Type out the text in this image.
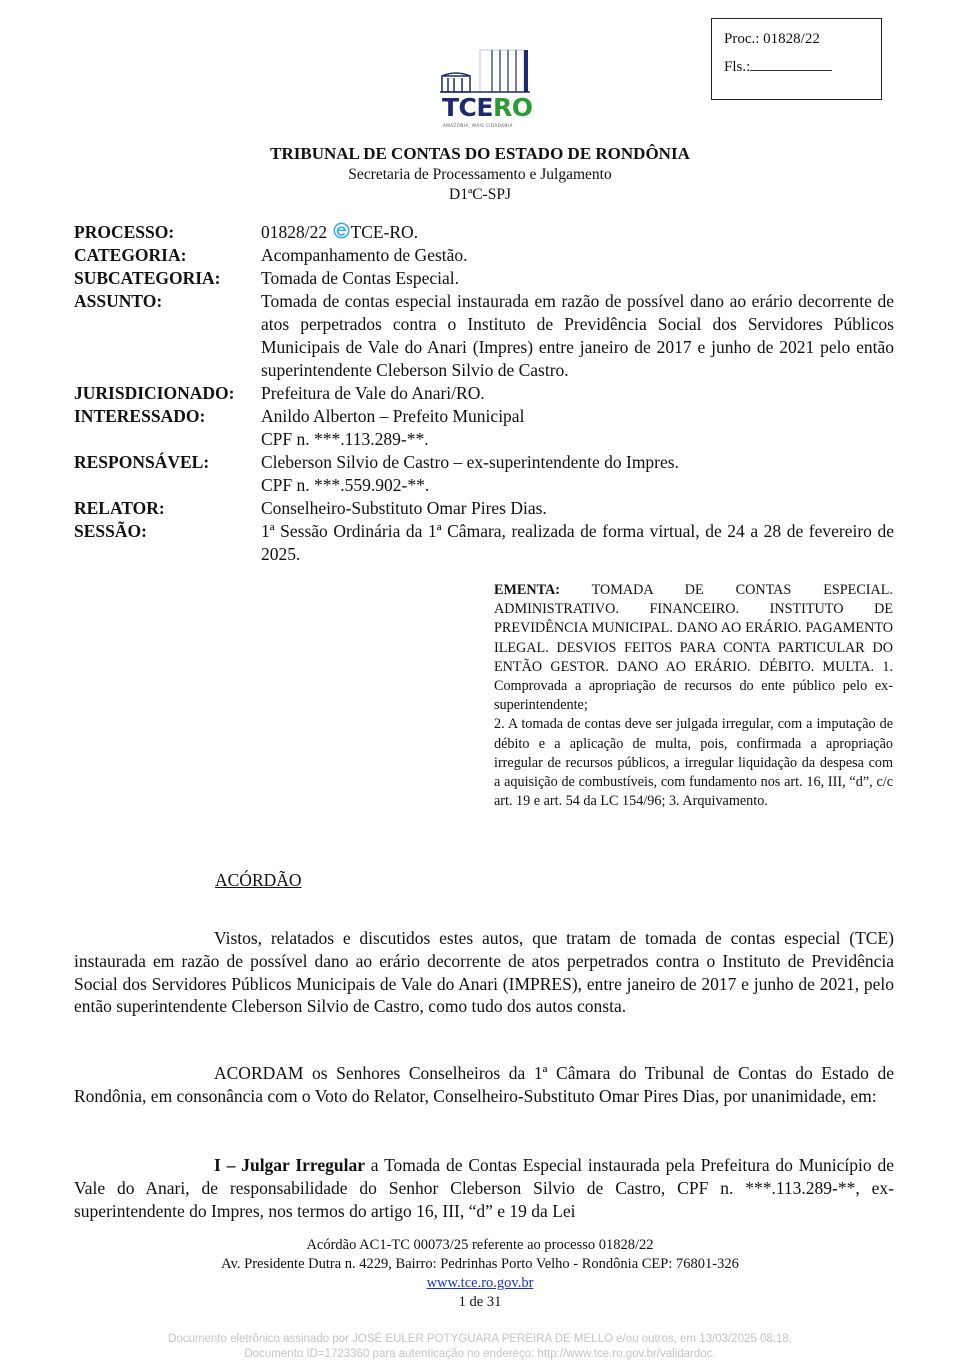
Proc.: 01828/22
Fls.:
TCERO
AMAZÔNIA, MAIS CIDADANIA
TRIBUNAL DE CONTAS DO ESTADO DE RONDÔNIA
Secretaria de Processamento e Julgamento
D1ªC-SPJ
PROCESSO:	01828/22 TCE-RO.
CATEGORIA:	Acompanhamento de Gestão.
SUBCATEGORIA:	Tomada de Contas Especial.
ASSUNTO:	Tomada de contas especial instaurada em razão de possível dano ao erário decorrente de atos perpetrados contra o Instituto de Previdência Social dos Servidores Públicos Municipais de Vale do Anari (Impres) entre janeiro de 2017 e junho de 2021 pelo então superintendente Cleberson Silvio de Castro.
JURISDICIONADO:	Prefeitura de Vale do Anari/RO.
INTERESSADO:	Anildo Alberton – Prefeito Municipal
CPF n. ***.113.289-**.
RESPONSÁVEL:	Cleberson Silvio de Castro – ex-superintendente do Impres.
CPF n. ***.559.902-**.
RELATOR:	Conselheiro-Substituto Omar Pires Dias.
SESSÃO:	1ª Sessão Ordinária da 1ª Câmara, realizada de forma virtual, de 24 a 28 de fevereiro de 2025.
EMENTA: TOMADA DE CONTAS ESPECIAL. ADMINISTRATIVO. FINANCEIRO. INSTITUTO DE PREVIDÊNCIA MUNICIPAL. DANO AO ERÁRIO. PAGAMENTO ILEGAL. DESVIOS FEITOS PARA CONTA PARTICULAR DO ENTÃO GESTOR. DANO AO ERÁRIO. DÉBITO. MULTA. 1. Comprovada a apropriação de recursos do ente público pelo ex-superintendente;
2. A tomada de contas deve ser julgada irregular, com a imputação de débito e a aplicação de multa, pois, confirmada a apropriação irregular de recursos públicos, a irregular liquidação da despesa com a aquisição de combustíveis, com fundamento nos art. 16, III, “d”, c/c art. 19 e art. 54 da LC 154/96; 3. Arquivamento.
ACÓRDÃO
Vistos, relatados e discutidos estes autos, que tratam de tomada de contas especial (TCE) instaurada em razão de possível dano ao erário decorrente de atos perpetrados contra o Instituto de Previdência Social dos Servidores Públicos Municipais de Vale do Anari (IMPRES), entre janeiro de 2017 e junho de 2021, pelo então superintendente Cleberson Silvio de Castro, como tudo dos autos consta.
ACORDAM os Senhores Conselheiros da 1ª Câmara do Tribunal de Contas do Estado de Rondônia, em consonância com o Voto do Relator, Conselheiro-Substituto Omar Pires Dias, por unanimidade, em:
I – Julgar Irregular a Tomada de Contas Especial instaurada pela Prefeitura do Município de Vale do Anari, de responsabilidade do Senhor Cleberson Silvio de Castro, CPF n. ***.113.289-**, ex-superintendente do Impres, nos termos do artigo 16, III, “d” e 19 da Lei
Acórdão AC1-TC 00073/25 referente ao processo 01828/22
Av. Presidente Dutra n. 4229, Bairro: Pedrinhas Porto Velho - Rondônia CEP: 76801-326
www.tce.ro.gov.br
1 de 31
Documento eletrônico assinado por JOSÉ EULER POTYGUARA PEREIRA DE MELLO e/ou outros, em 13/03/2025 08:18.
Documento ID=1723360 para autenticação no endereço: http://www.tce.ro.gov.br/validardoc.
